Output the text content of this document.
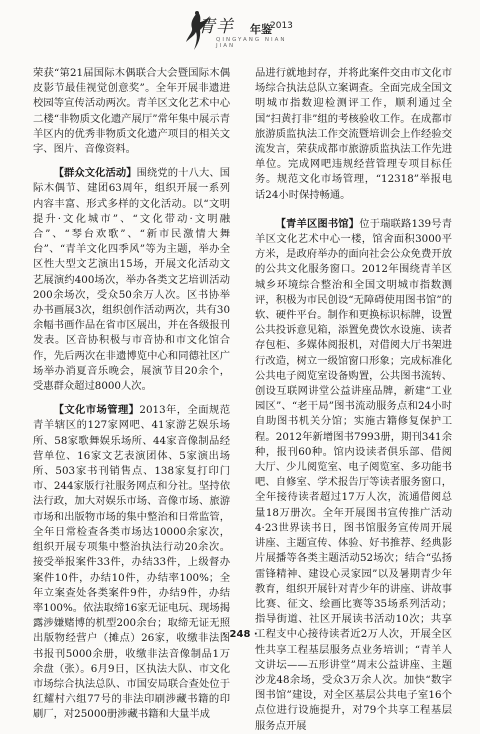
青羊 年鉴
2013
QINGYANG NIAN JIAN

荣获“第21届国际木偶联合大会暨国际木偶皮影节最佳视觉创意奖”。全年开展非遗进校园等宣传活动两次。青羊区文化艺术中心二楼“非物质文化遗产展厅”常年集中展示青羊区内的优秀非物质文化遗产项目的相关文字、图片、音像资料。

【群众文化活动】围绕党的十八大、国际木偶节、建团63周年，组织开展一系列内容丰富、形式多样的文化活动。以“文明提升·文化城市”、“文化带动·文明融合”、“琴台欢歌”、“新市民激情大舞台”、“青羊文化四季风”等为主题，举办全区性大型文艺演出15场，开展文化活动文艺展演约400场次，举办各类文艺培训活动200余场次，受众50余万人次。区书协举办书画展3次，组织创作活动两次，共有30余幅书画作品在省市区展出，并在各级报刊发表。区音协积极与市音协和市文化馆合作，先后两次在非遗博览中心和同德社区广场举办消夏音乐晚会，展演节目20余个，受惠群众超过8000人次。

【文化市场管理】2013年，全面规范青羊辖区的127家网吧、41家游艺娱乐场所、58家歌舞娱乐场所、44家音像制品经营单位、16家文艺表演团体、5家演出场所、503家书刊销售点、138家复打印门市、244家版行社服务网点和分社。坚持依法行政，加大对娱乐市场、音像市场、旅游市场和出版物市场的集中整治和日常监管，全年日常检查各类市场达10000余家次，组织开展专项集中整治执法行动20余次。接受举报案件33件，办结33件，上级督办案件10件，办结10件，办结率100%；全年立案查处各类案件9件，办结9件，办结率100%。依法取缔16家无证电玩、现场揭露涉嫌赌博的机型200余台；取缔无证无照出版物经营户（摊点）26家，收缴非法图书报刊5000余册，收缴非法音像制品1万余盘（张）。6月9日，区执法大队、市文化市场综合执法总队、市国安局联合查处位于红耀村六组77号的非法印刷涉藏书籍的印刷厂，对25000册涉藏书籍和大量半成

品进行就地封存，并将此案件交由市文化市场综合执法总队立案调查。全面完成全国文明城市指数迎检测评工作，顺利通过全国“扫黄打非”组的考核验收工作。在成都市旅游质监执法工作交流暨培训会上作经验交流发言，荣获成都市旅游质监执法工作先进单位。完成网吧违规经营管理专项目标任务。规范文化市场管理，“12318”举报电话24小时保持畅通。

【青羊区图书馆】位于瑞联路139号青羊区文化艺术中心一楼，馆舍面积3000平方米，是政府举办的面向社会公众免费开放的公共文化服务窗口。2012年围绕青羊区城乡环境综合整治和全国文明城市指数测评，积极为市民创设“无障碍使用图书馆”的软、硬件平台。制作和更换标识标牌，设置公共投诉意见箱，添置免费饮水设施、读者存包柜、多媒体阅报机，对借阅大厅书架进行改造，树立一级馆窗口形象；完成标准化公共电子阅览室设备购置，公共图书流转、创设互联网讲堂公益讲座品牌，新建“工业园区”、“老干局”图书流动服务点和24小时自助图书机关分馆；实施古籍修复保护工程。2012年新增图书7993册，期刊341余种，报刊60种。馆内设读者俱乐部、借阅大厅、少儿阅览室、电子阅览室、多功能书吧、自修室、学术报告厅等读者服务窗口，全年接待读者超过17万人次，流通借阅总量18万册次。全年开展图书宣传推广活动4·23世界读书日，图书馆服务宣传周开展讲座、主题宣传、体验、好书推荐、经典影片展播等各类主题活动52场次；结合“弘扬雷锋精神、建设心灵家园”以及暑期青少年教育，组织开展针对青少年的讲座、讲故事比赛、征文、绘画比赛等35场系列活动；指导街道、社区开展读书活动10次；共享工程支中心接待读者近2万人次，开展全区性共享工程基层服务点业务培训；“青羊人文讲坛——五形讲堂”周末公益讲座、主题沙龙48余场，受众3万余人次。加快“数字图书馆”建设，对全区基层公共电子室16个点位进行设施提升，对79个共享工程基层服务点开展

· 248 ·
